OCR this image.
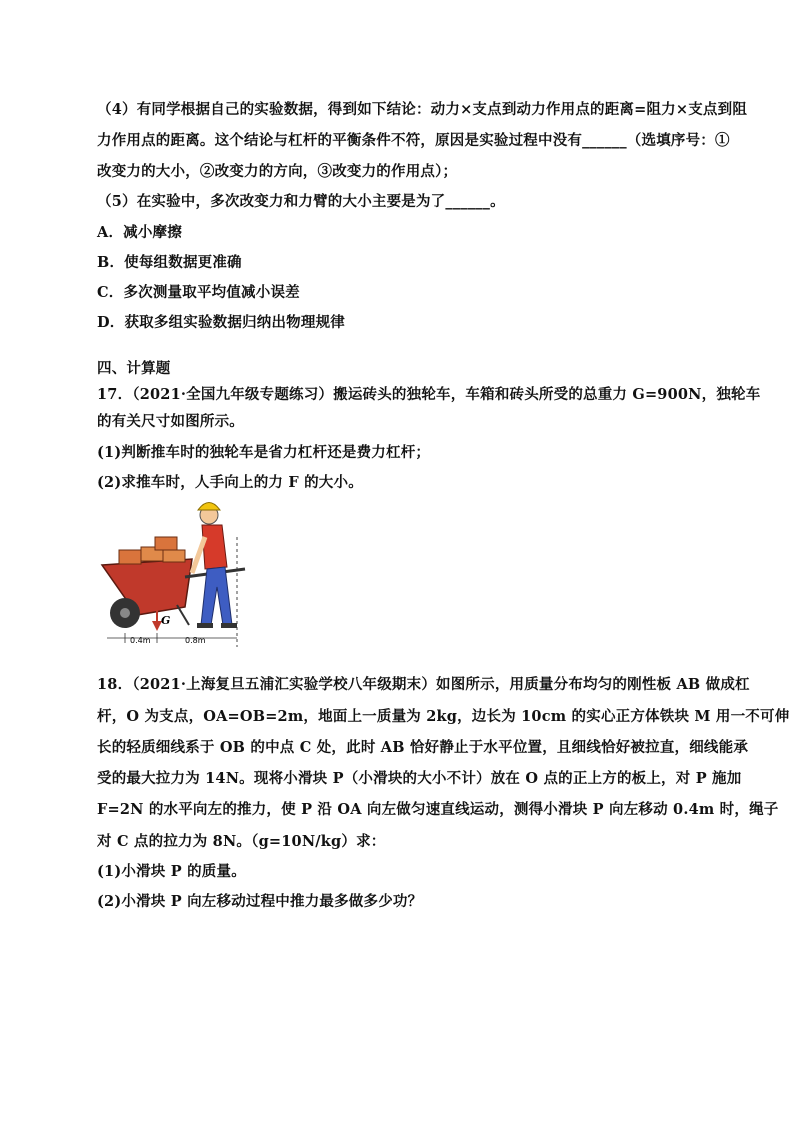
（4）有同学根据自己的实验数据，得到如下结论：动力×支点到动力作用点的距离=阻力×支点到阻
力作用点的距离。这个结论与杠杆的平衡条件不符，原因是实验过程中没有______（选填序号：①
改变力的大小，②改变力的方向，③改变力的作用点）；
（5）在实验中，多次改变力和力臂的大小主要是为了______。
A．减小摩擦
B．使每组数据更准确
C．多次测量取平均值减小误差
D．获取多组实验数据归纳出物理规律
四、计算题
17．（2021·全国九年级专题练习）搬运砖头的独轮车，车箱和砖头所受的总重力 G=900N，独轮车
的有关尺寸如图所示。
(1)判断推车时的独轮车是省力杠杆还是费力杠杆；
(2)求推车时，人手向上的力 F 的大小。
G
0.4m	0.8m
18．（2021·上海复旦五浦汇实验学校八年级期末）如图所示，用质量分布均匀的刚性板 AB 做成杠
杆，O 为支点，OA=OB=2m，地面上一质量为 2kg，边长为 10cm 的实心正方体铁块 M 用一不可伸
长的轻质细线系于 OB 的中点 C 处，此时 AB 恰好静止于水平位置，且细线恰好被拉直，细线能承
受的最大拉力为 14N。现将小滑块 P（小滑块的大小不计）放在 O 点的正上方的板上，对 P 施加
F=2N 的水平向左的推力，使 P 沿 OA 向左做匀速直线运动，测得小滑块 P 向左移动 0.4m 时，绳子
对 C 点的拉力为 8N。（g=10N/kg）求：
(1)小滑块 P 的质量。
(2)小滑块 P 向左移动过程中推力最多做多少功？
